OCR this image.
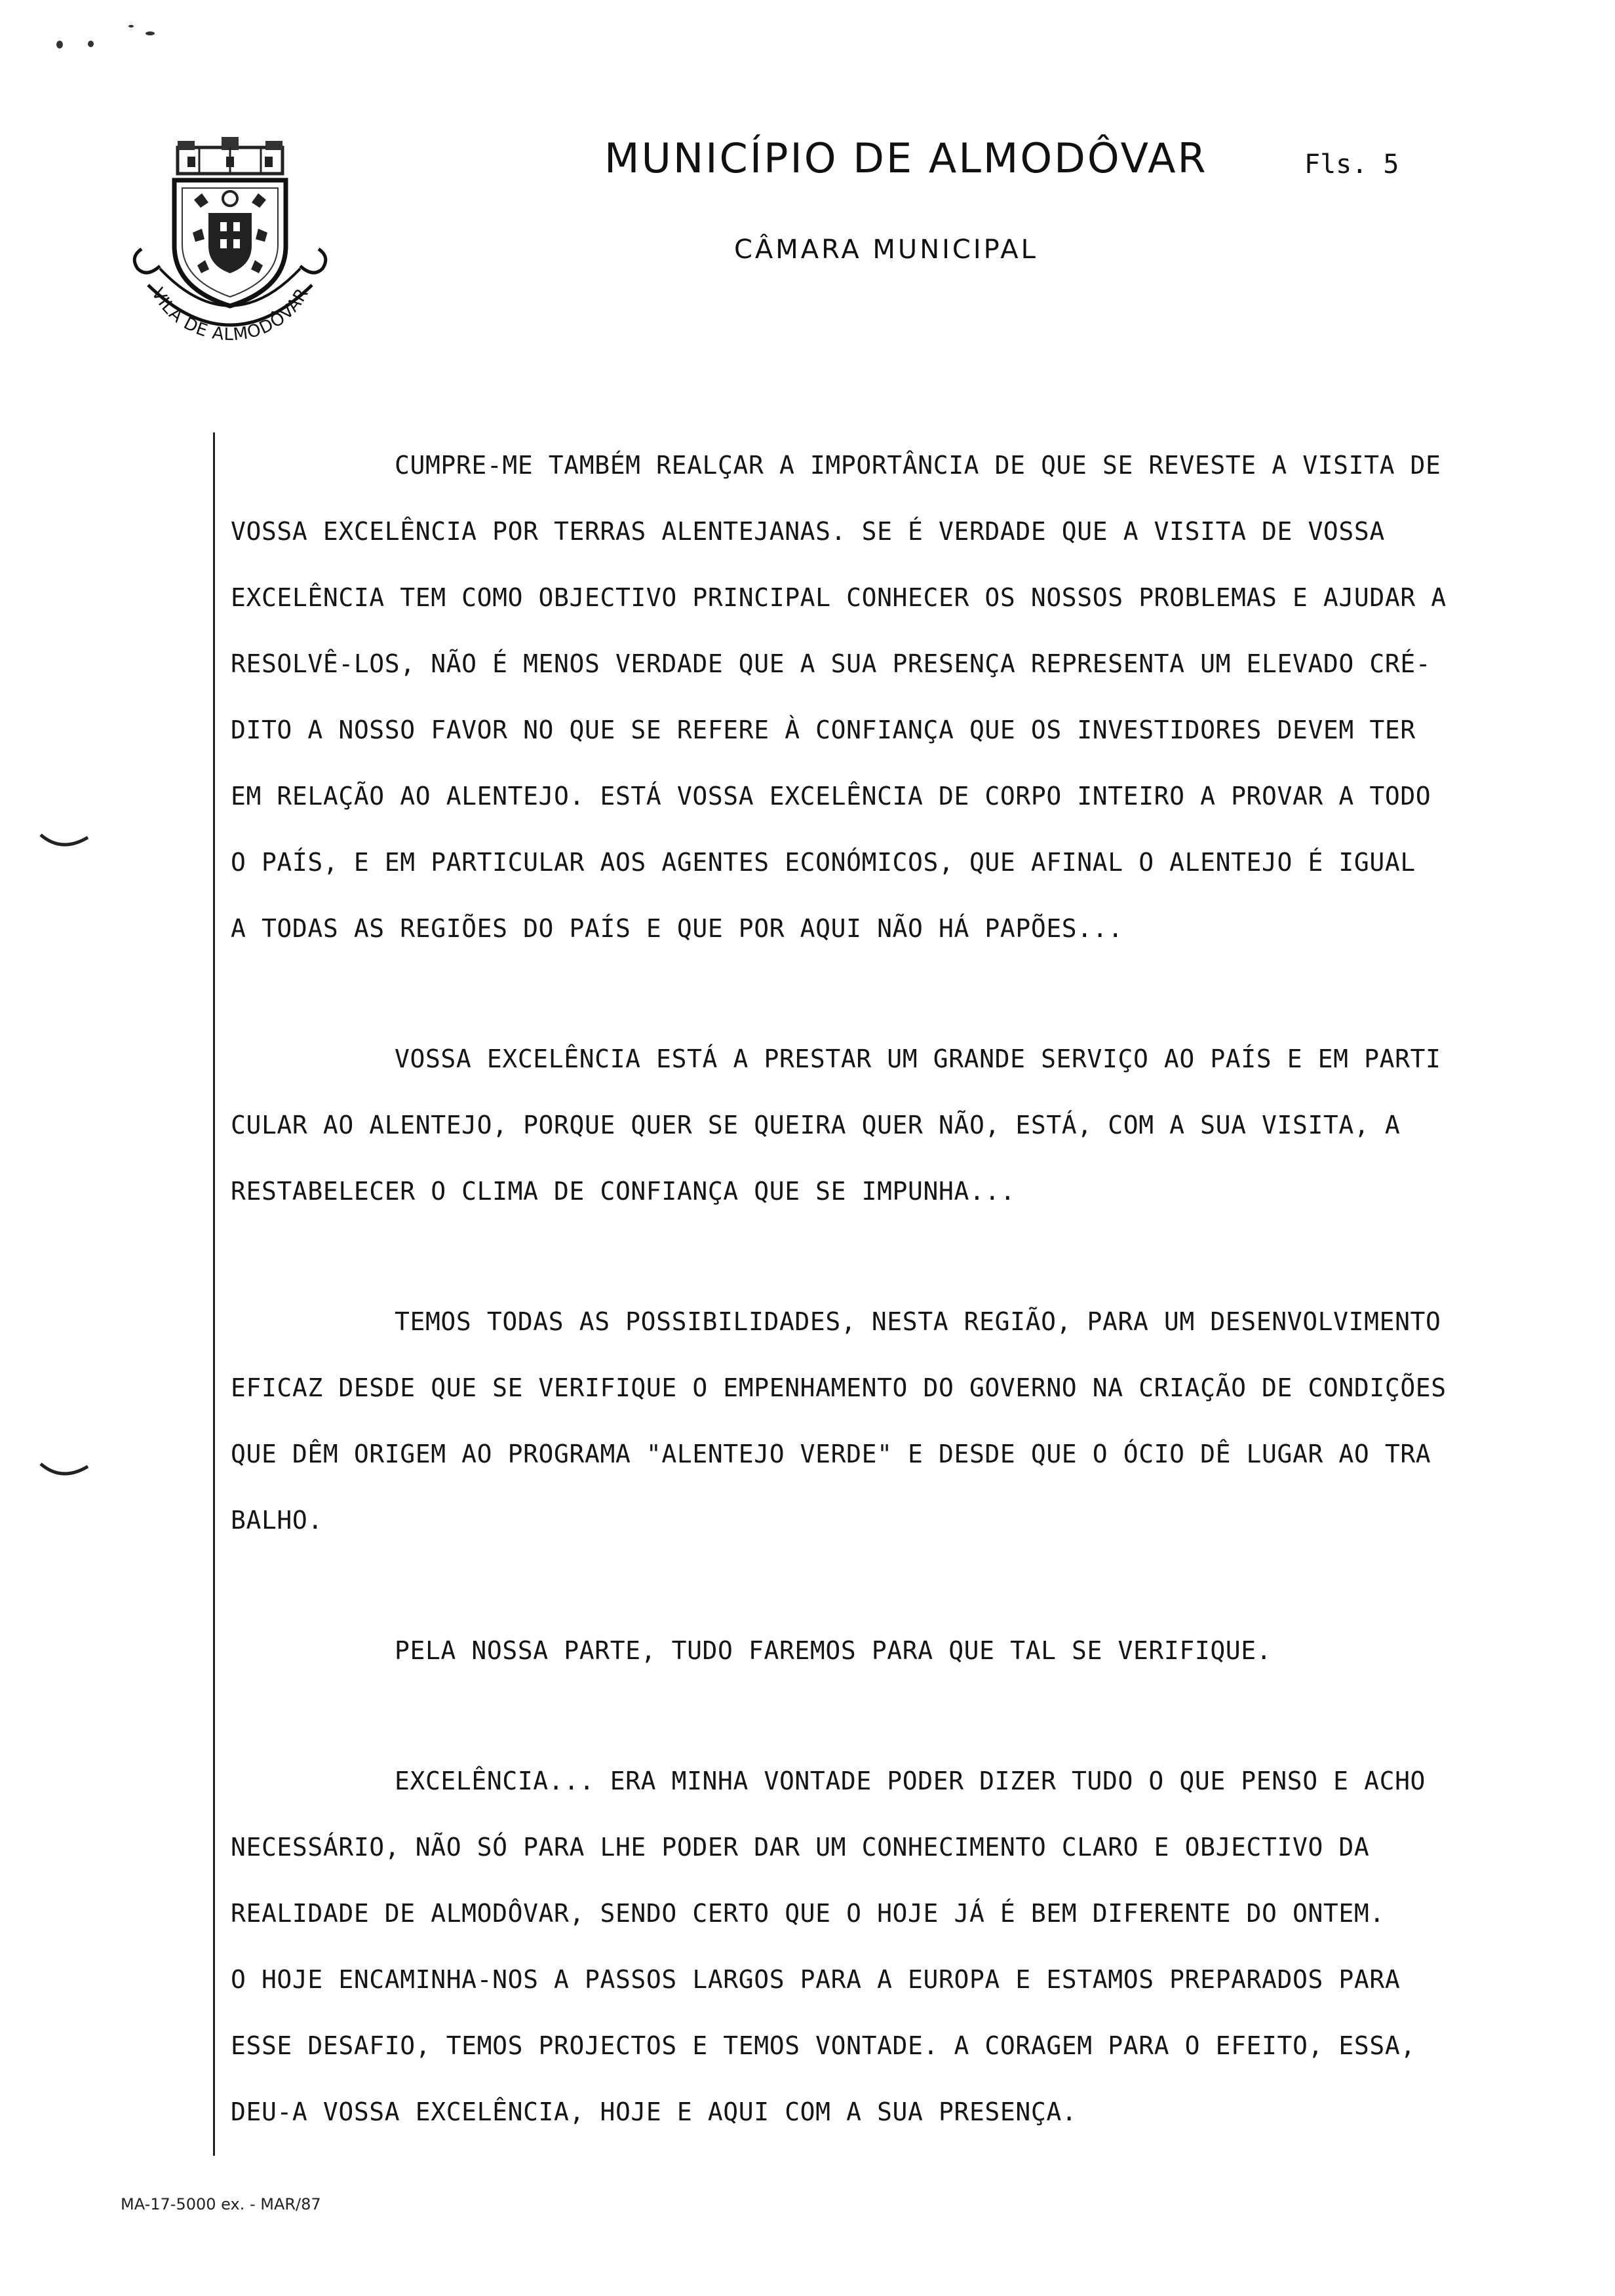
VILA DE ALMODÔVAR
MUNICÍPIO DE ALMODÔVAR	Fls. 5
CÂMARA MUNICIPAL
CUMPRE-ME TAMBÉM REALÇAR A IMPORTÂNCIA DE QUE SE REVESTE A VISITA DE
VOSSA EXCELÊNCIA POR TERRAS ALENTEJANAS. SE É VERDADE QUE A VISITA DE VOSSA
EXCELÊNCIA TEM COMO OBJECTIVO PRINCIPAL CONHECER OS NOSSOS PROBLEMAS E AJUDAR A
RESOLVÊ-LOS, NÃO É MENOS VERDADE QUE A SUA PRESENÇA REPRESENTA UM ELEVADO CRÉ-
DITO A NOSSO FAVOR NO QUE SE REFERE À CONFIANÇA QUE OS INVESTIDORES DEVEM TER
EM RELAÇÃO AO ALENTEJO. ESTÁ VOSSA EXCELÊNCIA DE CORPO INTEIRO A PROVAR A TODO
O PAÍS, E EM PARTICULAR AOS AGENTES ECONÓMICOS, QUE AFINAL O ALENTEJO É IGUAL
A TODAS AS REGIÕES DO PAÍS E QUE POR AQUI NÃO HÁ PAPÕES...
VOSSA EXCELÊNCIA ESTÁ A PRESTAR UM GRANDE SERVIÇO AO PAÍS E EM PARTI
CULAR AO ALENTEJO, PORQUE QUER SE QUEIRA QUER NÃO, ESTÁ, COM A SUA VISITA, A
RESTABELECER O CLIMA DE CONFIANÇA QUE SE IMPUNHA...
TEMOS TODAS AS POSSIBILIDADES, NESTA REGIÃO, PARA UM DESENVOLVIMENTO
EFICAZ DESDE QUE SE VERIFIQUE O EMPENHAMENTO DO GOVERNO NA CRIAÇÃO DE CONDIÇÕES
QUE DÊM ORIGEM AO PROGRAMA "ALENTEJO VERDE" E DESDE QUE O ÓCIO DÊ LUGAR AO TRA
BALHO.
PELA NOSSA PARTE, TUDO FAREMOS PARA QUE TAL SE VERIFIQUE.
EXCELÊNCIA... ERA MINHA VONTADE PODER DIZER TUDO O QUE PENSO E ACHO
NECESSÁRIO, NÃO SÓ PARA LHE PODER DAR UM CONHECIMENTO CLARO E OBJECTIVO DA
REALIDADE DE ALMODÔVAR, SENDO CERTO QUE O HOJE JÁ É BEM DIFERENTE DO ONTEM.
O HOJE ENCAMINHA-NOS A PASSOS LARGOS PARA A EUROPA E ESTAMOS PREPARADOS PARA
ESSE DESAFIO, TEMOS PROJECTOS E TEMOS VONTADE. A CORAGEM PARA O EFEITO, ESSA,
DEU-A VOSSA EXCELÊNCIA, HOJE E AQUI COM A SUA PRESENÇA.
MA-17-5000 ex. - MAR/87
